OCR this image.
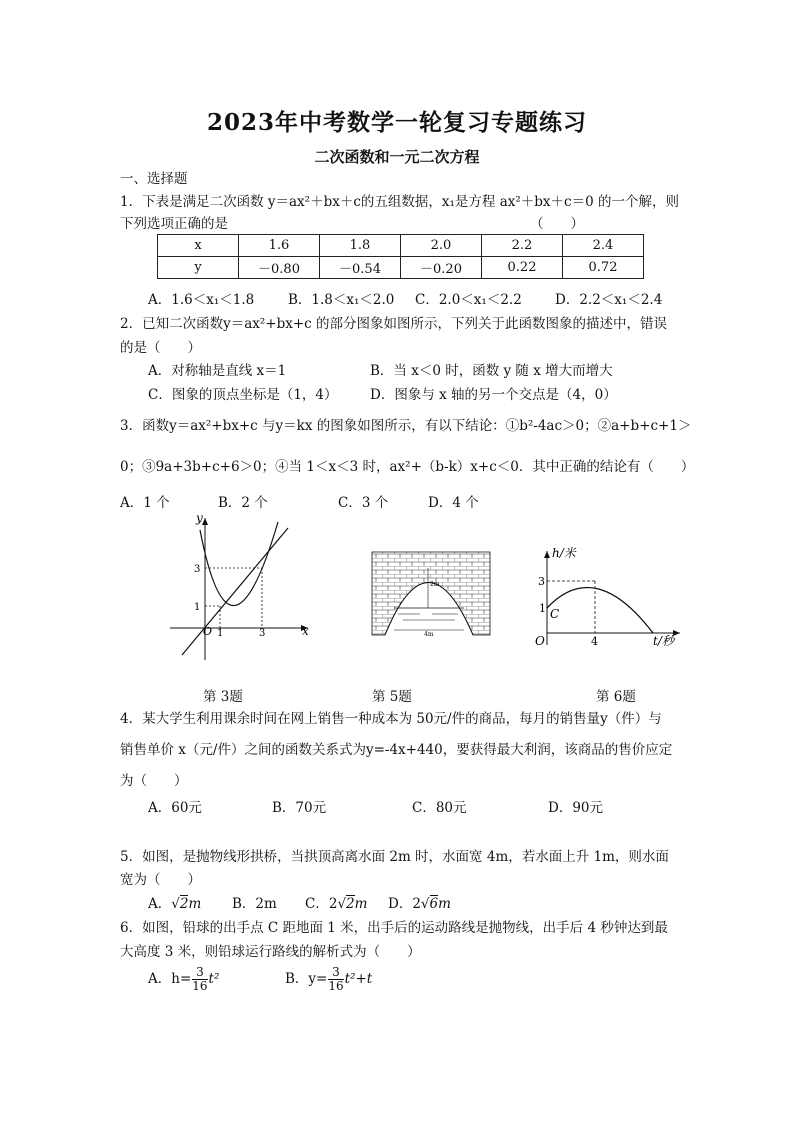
2023年中考数学一轮复习专题练习
二次函数和一元二次方程
一、选择题
1．下表是满足二次函数 y＝ax²＋bx＋c的五组数据，x₁是方程 ax²＋bx＋c＝0 的一个解，则
下列选项正确的是	（　　）
x	1.6	1.8	2.0	2.2	2.4
y	－0.80	－0.54	－0.20	0.22	0.72
A．1.6＜x₁＜1.8	B．1.8＜x₁＜2.0 C．2.0＜x₁＜2.2 D．2.2＜x₁＜2.4
2．已知二次函数y＝ax²+bx+c 的部分图象如图所示，下列关于此函数图象的描述中，错误
的是（　　）
A．对称轴是直线 x＝1	B．当 x＜0 时，函数 y 随 x 增大而增大
C．图象的顶点坐标是（1，4） D．图象与 x 轴的另一个交点是（4，0）
3．函数y＝ax²+bx+c 与y＝kx 的图象如图所示，有以下结论：①b²-4ac＞0；②a+b+c+1＞
0；③9a+3b+c+6＞0；④当 1＜x＜3 时，ax²+（b-k）x+c＜0．其中正确的结论有（　　）
A．1 个	B．2 个	C．3 个	D．4 个
y
x
O 1	3
1
3
2m
4m
h/米
t/秒
O
3
1 C
4
第 3题	第 5题	第 6题
4．某大学生利用课余时间在网上销售一种成本为 50元/件的商品，每月的销售量y（件）与
销售单价 x（元/件）之间的函数关系式为y=-4x+440，要获得最大利润，该商品的售价应定
为（　　）
A．60元	B．70元	C．80元	D．90元
5．如图，是抛物线形拱桥，当拱顶高离水面 2m 时，水面宽 4m，若水面上升 1m，则水面
宽为（　　）
A．√2m B．2m C．2√2m D．2√6m
6．如图，铅球的出手点 C 距地面 1 米，出手后的运动路线是抛物线，出手后 4 秒钟达到最
大高度 3 米，则铅球运行路线的解析式为（　　）
A．$h= \frac{3}{16} t^2$	B．$y= \frac{3}{16} t^2+t$
